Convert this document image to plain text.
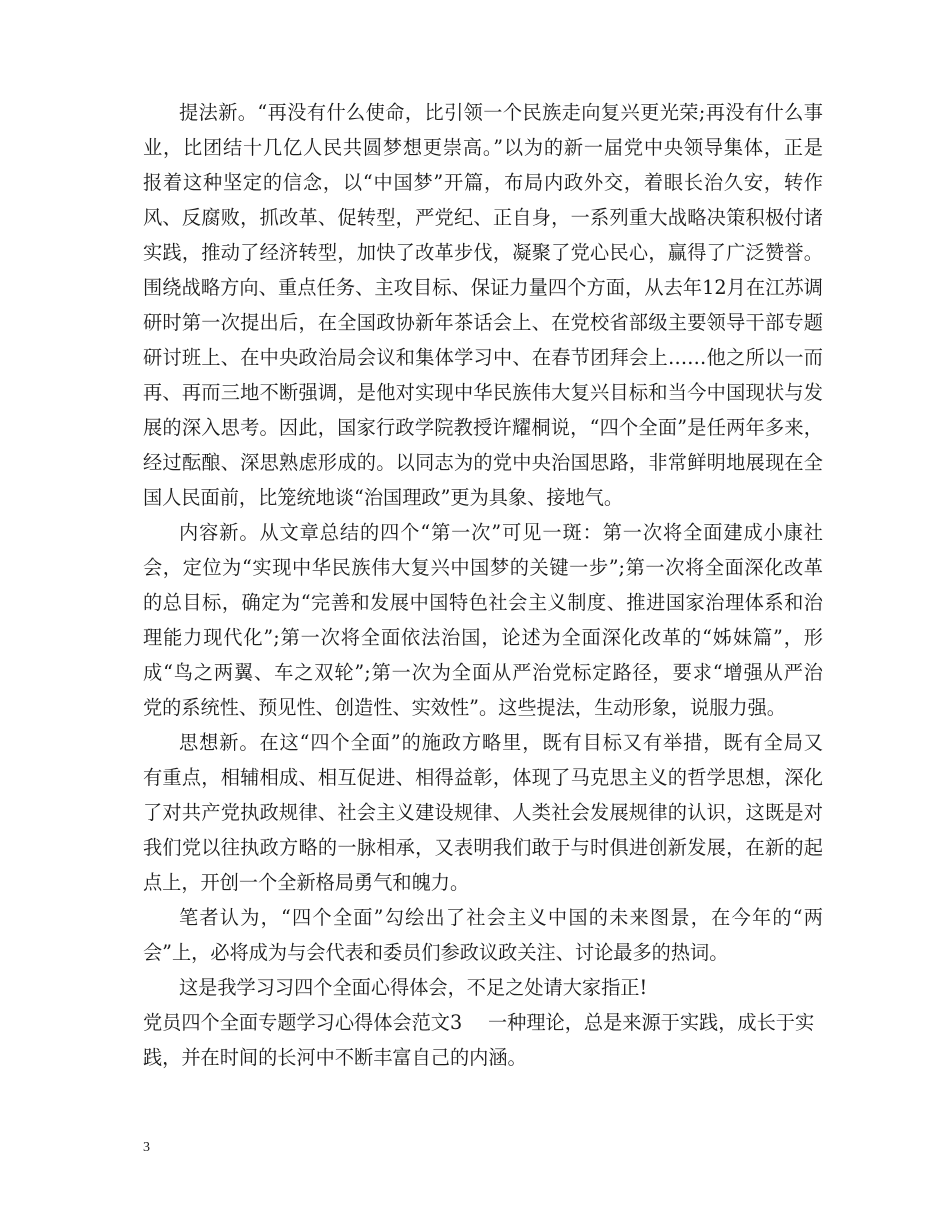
提法新。“再没有什么使命，比引领一个民族走向复兴更光荣;再没有什么事
业，比团结十几亿人民共圆梦想更崇高。”以为的新一届党中央领导集体，正是
报着这种坚定的信念，以“中国梦”开篇，布局内政外交，着眼长治久安，转作
风、反腐败，抓改革、促转型，严党纪、正自身，一系列重大战略决策积极付诸
实践，推动了经济转型，加快了改革步伐，凝聚了党心民心，赢得了广泛赞誉。
围绕战略方向、重点任务、主攻目标、保证力量四个方面，从去年12月在江苏调
研时第一次提出后，在全国政协新年茶话会上、在党校省部级主要领导干部专题
研讨班上、在中央政治局会议和集体学习中、在春节团拜会上……他之所以一而
再、再而三地不断强调，是他对实现中华民族伟大复兴目标和当今中国现状与发
展的深入思考。因此，国家行政学院教授许耀桐说，“四个全面”是任两年多来，
经过酝酿、深思熟虑形成的。以同志为的党中央治国思路，非常鲜明地展现在全
国人民面前，比笼统地谈“治国理政”更为具象、接地气。
内容新。从文章总结的四个“第一次”可见一斑：第一次将全面建成小康社
会，定位为“实现中华民族伟大复兴中国梦的关键一步”;第一次将全面深化改革
的总目标，确定为“完善和发展中国特色社会主义制度、推进国家治理体系和治
理能力现代化”;第一次将全面依法治国，论述为全面深化改革的“姊妹篇”，形
成“鸟之两翼、车之双轮”;第一次为全面从严治党标定路径，要求“增强从严治
党的系统性、预见性、创造性、实效性”。这些提法，生动形象，说服力强。
思想新。在这“四个全面”的施政方略里，既有目标又有举措，既有全局又
有重点，相辅相成、相互促进、相得益彰，体现了马克思主义的哲学思想，深化
了对共产党执政规律、社会主义建设规律、人类社会发展规律的认识，这既是对
我们党以往执政方略的一脉相承，又表明我们敢于与时俱进创新发展，在新的起
点上，开创一个全新格局勇气和魄力。
笔者认为，“四个全面”勾绘出了社会主义中国的未来图景，在今年的“两
会”上，必将成为与会代表和委员们参政议政关注、讨论最多的热词。
这是我学习习四个全面心得体会，不足之处请大家指正!
党员四个全面专题学习心得体会范文3 一种理论，总是来源于实践，成长于实
践，并在时间的长河中不断丰富自己的内涵。
3
